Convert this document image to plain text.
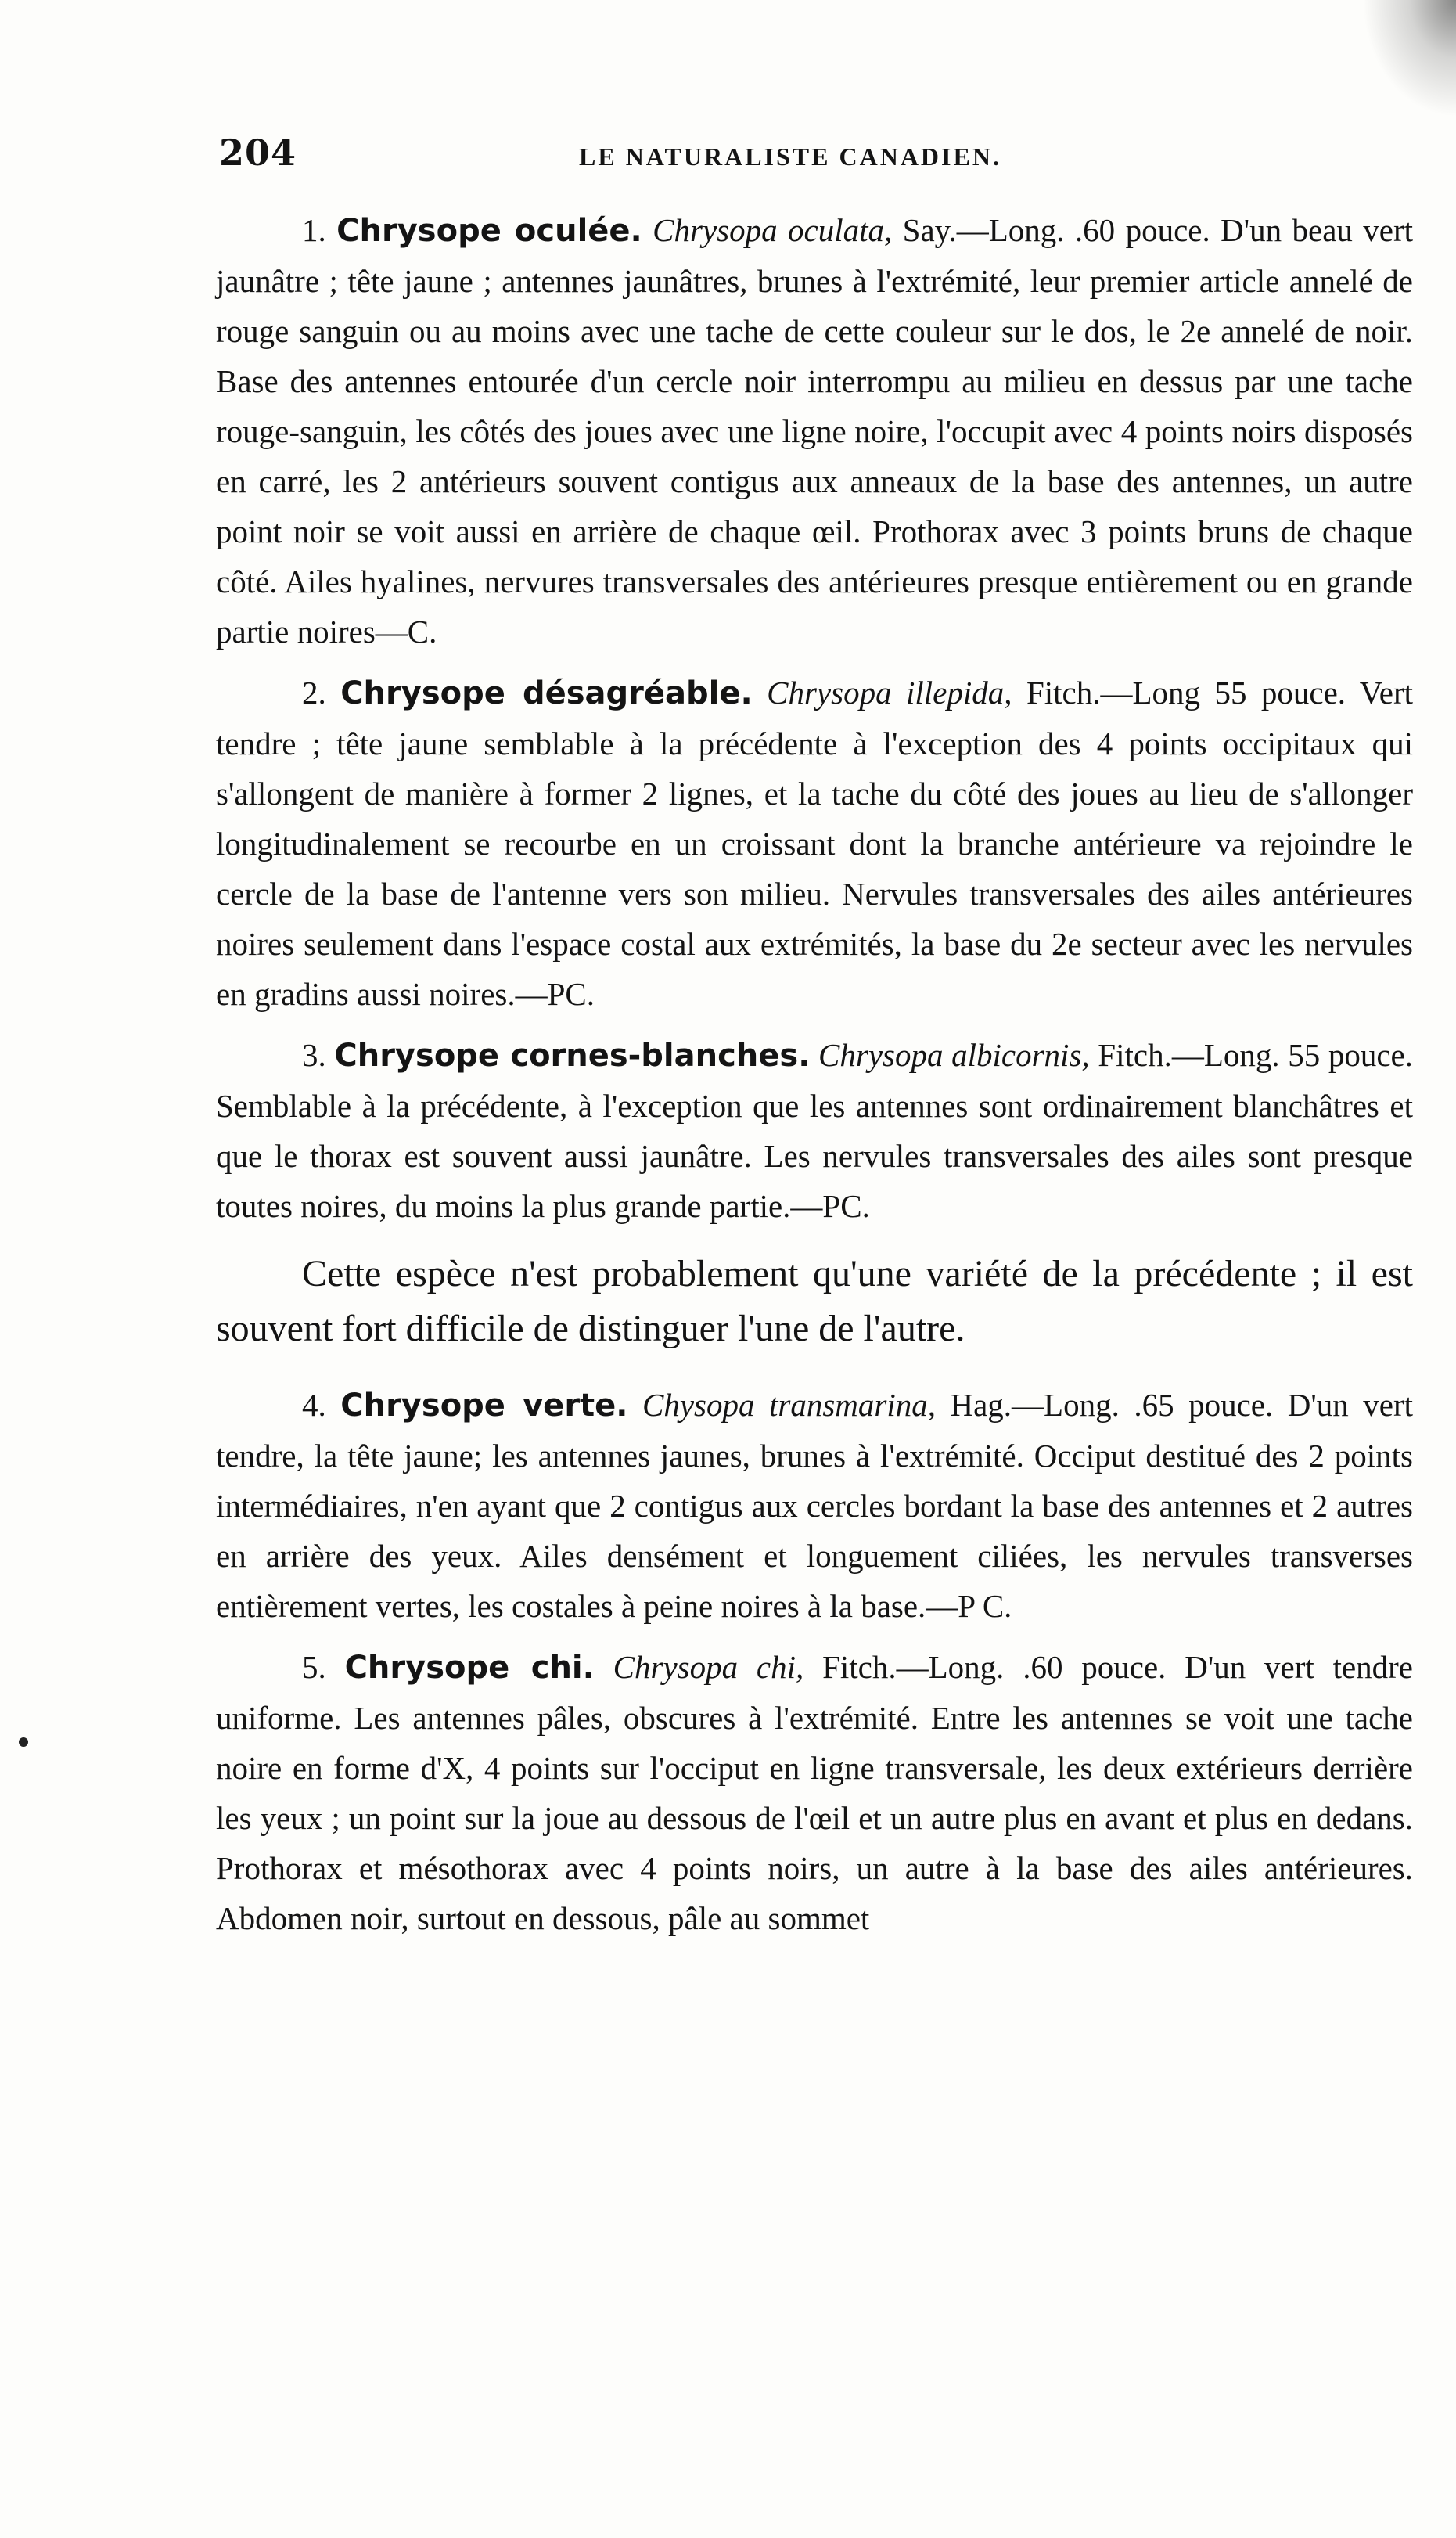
204	LE NATURALISTE CANADIEN.

1. Chrysope oculée. Chrysopa oculata, Say.—Long. .60 pouce. D'un beau vert jaunâtre ; tête jaune ; antennes jaunâtres, brunes à l'extrémité, leur premier article annelé de rouge sanguin ou au moins avec une tache de cette couleur sur le dos, le 2e annelé de noir. Base des antennes entourée d'un cercle noir interrompu au milieu en dessus par une tache rouge-sanguin, les côtés des joues avec une ligne noire, l'occupit avec 4 points noirs disposés en carré, les 2 antérieurs souvent contigus aux anneaux de la base des antennes, un autre point noir se voit aussi en arrière de chaque œil. Prothorax avec 3 points bruns de chaque côté. Ailes hyalines, nervures transversales des antérieures presque entièrement ou en grande partie noires—C.

2. Chrysope désagréable. Chrysopa illepida, Fitch.—Long 55 pouce. Vert tendre ; tête jaune semblable à la précédente à l'exception des 4 points occipitaux qui s'allongent de manière à former 2 lignes, et la tache du côté des joues au lieu de s'allonger longitudinalement se recourbe en un croissant dont la branche antérieure va rejoindre le cercle de la base de l'antenne vers son milieu. Nervules transversales des ailes antérieures noires seulement dans l'espace costal aux extrémités, la base du 2e secteur avec les nervules en gradins aussi noires.—PC.

3. Chrysope cornes-blanches. Chrysopa albicornis, Fitch.—Long. 55 pouce. Semblable à la précédente, à l'exception que les antennes sont ordinairement blanchâtres et que le thorax est souvent aussi jaunâtre. Les nervules transversales des ailes sont presque toutes noires, du moins la plus grande partie.—PC.

Cette espèce n'est probablement qu'une variété de la précédente ; il est souvent fort difficile de distinguer l'une de l'autre.

4. Chrysope verte. Chysopa transmarina, Hag.—Long. .65 pouce. D'un vert tendre, la tête jaune; les antennes jaunes, brunes à l'extrémité. Occiput destitué des 2 points intermédiaires, n'en ayant que 2 contigus aux cercles bordant la base des antennes et 2 autres en arrière des yeux. Ailes densément et longuement ciliées, les nervules transverses entièrement vertes, les costales à peine noires à la base.—P C.

5. Chrysope chi. Chrysopa chi, Fitch.—Long. .60 pouce. D'un vert tendre uniforme. Les antennes pâles, obscures à l'extrémité. Entre les antennes se voit une tache noire en forme d'X, 4 points sur l'occiput en ligne transversale, les deux extérieurs derrière les yeux ; un point sur la joue au dessous de l'œil et un autre plus en avant et plus en dedans. Prothorax et mésothorax avec 4 points noirs, un autre à la base des ailes antérieures. Abdomen noir, surtout en dessous, pâle au sommet
